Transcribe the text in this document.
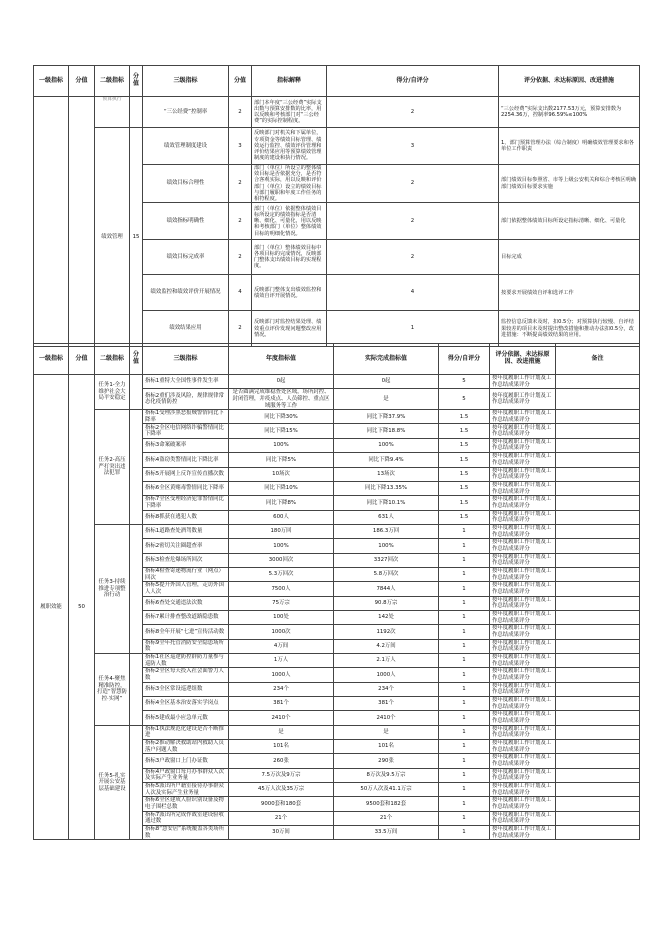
一级指标	分值	二级指标	分值	三级指标	分值	指标解释	得分/自评分	评分依据、未达标原因、改进措施
		预算执行		“三公经费”控制率	2	部门本年度“三公经费”实际支出数与预算安排数的比率，用以反映和考核部门对“三公经费”的实际控制程度。	2	“三公经费”实际支出数2177.53万元，预算安排数为2254.36万，控制率96.59%≤100%
		绩效管理	15	绩效管理制度建设	3	反映部门对机关和下属单位，专项资金等绩效目标管理、绩效运行监控、绩效评价管理和评价结果应用等预算绩效管理制度的建设和执行情况。	3	1、部门预算管理办法（综合制度）明确绩效管理要求和各单位工作职责
				绩效目标合理性	2	部门（单位）所设立的整体绩效目标是否依据充分，是否符合客观实际，用以反映和评价部门（单位）设立的绩效目标与部门履职和年度工作任务的相符程度。	2	部门绩效目标参照省、市等上级公安机关和综合考核区明确部门绩效目标要求实施
				绩效指标明确性	2	部门（单位）依据整体绩效目标所设定的绩效指标是否清晰、细化、可量化，用以反映和考核部门（单位）整体绩效目标的明细化情况。	2	部门依据整体绩效目标所设定指标清晰、细化、可量化
				绩效目标完成率	2	部门（单位）整体绩效目标中各项目标的完成情况，反映部门整体支出绩效目标的实现程度。	2	目标完成
				绩效监控和绩效评价开展情况	4	反映部门整体支出绩效监控和绩效自评开展情况。	4	按要求开展绩效自评和选评工作
				绩效结果应用	2	反映部门对监控结果处理、绩效重点评价发现问题整改应用情况。	1	监控信息反馈未及时，扣0.5分；对预算执行较慢、自评结果较差的项目未及时提出整改措施和推动办法扣0.5分，改进措施：不断提高绩效结果的应用。
一级指标	分值	二级指标	分值	三级指标	年度指标值	实际完成指标值	得分/自评分	评分依据、未达标原因、改进措施	备注
履职效能	50	任务1-全力维护社会大局平安稳定		指标1重特大全国性事件发生率	0起	0起	5	按年度履职工作计划及工作总结成果评分	
				指标2重们涉及风险，规律规律常态化疫情防控	是否圆满完成维稳查处区域，场所封控、封闭管理，并疫戍点、人员筛控、重点区域服务等工作	是	5	按年度履职工作计划及工作总结成果评分	
		任务2-高压严打突出违法犯罪		指标1受理涉黑恶报贼警情同比下降率	同比下降30%	同比下降37.9%	1.5	按年度履职工作计划及工作总结成果评分	
				指标2全区电信网络诈骗警情同比下降率	同比下降15%	同比下降18.8%	1.5	按年度履职工作计划及工作总结成果评分	
				指标3命案破案率	100%	100%	1.5	按年度履职工作计划及工作总结成果评分	
				指标4盗窃类警情同比下降比率	同比下降5%	同比下降9.4%	1.5	按年度履职工作计划及工作总结成果评分	
				指标5开展网上反诈宣传直播次数	10场次	13场次	1.5	按年度履职工作计划及工作总结成果评分	
				指标6全区黄赌毒警情同比下降率	同比下降10%	同比下降13.35%	1.5	按年度履职工作计划及工作总结成果评分	
				指标7全区受理经济犯罪警情同比下降率	同比下降8%	同比下降10.1%	1.5	按年度履职工作计划及工作总结成果评分	
				指标8抓获在逃犯人数	600人	631人	1.5	按年度履职工作计划及工作总结成果评分	
		任务3-持续推进专项整治行动		指标1道路查处酒驾数量	180万回	186.3万回	1	按年度履职工作计划及工作总结成果评分	
				指标2密切关注圈超查率	100%	100%	1	按年度履职工作计划及工作总结成果评分	
				指标3检查危爆场所回次	3000回次	3327回次	1	按年度履职工作计划及工作总结成果评分	
				指标4检查寄递物流行业（网点）回次	5.3万回次	5.8万回次	1	按年度履职工作计划及工作总结成果评分	
				指标5提升外国人管理，走访外国人人次	7500人	7844人	1	按年度履职工作计划及工作总结成果评分	
				指标6查处交通违法次数	75万宗	90.8万宗	1	按年度履职工作计划及工作总结成果评分	
				指标7累计排查整改道路隐患数	100处	142处	1	按年度履职工作计划及工作总结成果评分	
				指标8全年开展“七进”宣传活动数	1000次	1192次	1	按年度履职工作计划及工作总结成果评分	
				指标9全年托管消防安全隐患场所数	4万间	4.2万间	1	按年度履职工作计划及工作总结成果评分	
		任务4-聚焦精准防控，打造“智慧防控·实网”		指标1社区巡逻防控群防力量参与巡防人数	1万人	2.1万人	1	按年度履职工作计划及工作总结成果评分	
				指标2全区每天投入社会面警力人数	1000人	1000人	1	按年度履职工作计划及工作总结成果评分	
				指标3全区常设巡逻组数	234个	234个	1	按年度履职工作计划及工作总结成果评分	
				指标4全区基本治安落实学岗点	381个	381个	1	按年度履职工作计划及工作总结成果评分	
				指标5建成最小应急单元数	2410个	2410个	1	按年度履职工作计划及工作总结成果评分	
		任务5-扎实开展公安基层基础建设		指标1执法规范化建设是否不断推进	是	是	1	按年度履职工作计划及工作总结成果评分	
				指标2推动解决救助站内救助人员落户问题人数	101名	101名	1	按年度履职工作计划及工作总结成果评分	
				指标3户政窗口上门办证数	260张	290张	1	按年度履职工作计划及工作总结成果评分	
				指标4户政窗口每月办事群众人次及实际产生业务量	7.5万次及9万宗	8万次及9.5万宗	1	按年度履职工作计划及工作总结成果评分	
				指标5派出所户籍室接待办事群众人次及实际产生业务量	45万人次及35万宗	50万人次及41.1万宗	1	按年度履职工作计划及工作总结成果评分	
				指标6全区建成人脸识别设备及物电子围栏总数	9000套和180套	9500套和182套	1	按年度履职工作计划及工作总结成果评分	
				指标7派出所完成作战室建设验收通过数	21个	21个	1	按年度履职工作计划及工作总结成果评分	
				指标8“慧安居”系统覆盖各类场所数	30万间	33.5万间	1	按年度履职工作计划及工作总结成果评分	
